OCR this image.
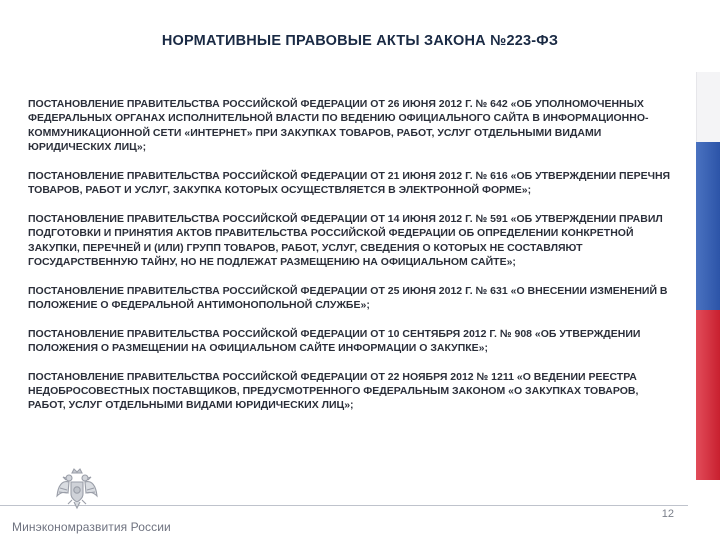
НОРМАТИВНЫЕ ПРАВОВЫЕ АКТЫ ЗАКОНА №223-ФЗ
ПОСТАНОВЛЕНИЕ ПРАВИТЕЛЬСТВА РОССИЙСКОЙ ФЕДЕРАЦИИ ОТ 26 ИЮНЯ 2012 Г. № 642 «ОБ УПОЛНОМОЧЕННЫХ ФЕДЕРАЛЬНЫХ ОРГАНАХ ИСПОЛНИТЕЛЬНОЙ ВЛАСТИ ПО ВЕДЕНИЮ ОФИЦИАЛЬНОГО САЙТА В ИНФОРМАЦИОННО-КОММУНИКАЦИОННОЙ СЕТИ «ИНТЕРНЕТ» ПРИ ЗАКУПКАХ ТОВАРОВ, РАБОТ, УСЛУГ ОТДЕЛЬНЫМИ ВИДАМИ ЮРИДИЧЕСКИХ ЛИЦ»;
ПОСТАНОВЛЕНИЕ ПРАВИТЕЛЬСТВА РОССИЙСКОЙ ФЕДЕРАЦИИ ОТ 21 ИЮНЯ 2012 Г. № 616 «ОБ УТВЕРЖДЕНИИ ПЕРЕЧНЯ ТОВАРОВ, РАБОТ И УСЛУГ, ЗАКУПКА КОТОРЫХ ОСУЩЕСТВЛЯЕТСЯ В ЭЛЕКТРОННОЙ ФОРМЕ»;
ПОСТАНОВЛЕНИЕ ПРАВИТЕЛЬСТВА РОССИЙСКОЙ ФЕДЕРАЦИИ ОТ 14 ИЮНЯ 2012 Г. № 591 «ОБ УТВЕРЖДЕНИИ ПРАВИЛ ПОДГОТОВКИ И ПРИНЯТИЯ АКТОВ ПРАВИТЕЛЬСТВА РОССИЙСКОЙ ФЕДЕРАЦИИ ОБ ОПРЕДЕЛЕНИИ КОНКРЕТНОЙ ЗАКУПКИ, ПЕРЕЧНЕЙ И (ИЛИ) ГРУПП ТОВАРОВ, РАБОТ, УСЛУГ, СВЕДЕНИЯ О КОТОРЫХ НЕ СОСТАВЛЯЮТ ГОСУДАРСТВЕННУЮ ТАЙНУ, НО НЕ ПОДЛЕЖАТ РАЗМЕЩЕНИЮ НА ОФИЦИАЛЬНОМ САЙТЕ»;
ПОСТАНОВЛЕНИЕ ПРАВИТЕЛЬСТВА РОССИЙСКОЙ ФЕДЕРАЦИИ ОТ 25 ИЮНЯ 2012 Г. № 631 «О ВНЕСЕНИИ ИЗМЕНЕНИЙ В ПОЛОЖЕНИЕ О ФЕДЕРАЛЬНОЙ АНТИМОНОПОЛЬНОЙ СЛУЖБЕ»;
ПОСТАНОВЛЕНИЕ ПРАВИТЕЛЬСТВА РОССИЙСКОЙ ФЕДЕРАЦИИ ОТ 10 СЕНТЯБРЯ 2012 Г. № 908 «ОБ УТВЕРЖДЕНИИ ПОЛОЖЕНИЯ О РАЗМЕЩЕНИИ НА ОФИЦИАЛЬНОМ САЙТЕ ИНФОРМАЦИИ О ЗАКУПКЕ»;
ПОСТАНОВЛЕНИЕ ПРАВИТЕЛЬСТВА РОССИЙСКОЙ ФЕДЕРАЦИИ ОТ 22 НОЯБРЯ 2012 № 1211 «О ВЕДЕНИИ РЕЕСТРА НЕДОБРОСОВЕСТНЫХ ПОСТАВЩИКОВ, ПРЕДУСМОТРЕННОГО ФЕДЕРАЛЬНЫМ ЗАКОНОМ «О ЗАКУПКАХ ТОВАРОВ, РАБОТ, УСЛУГ ОТДЕЛЬНЫМИ ВИДАМИ ЮРИДИЧЕСКИХ ЛИЦ»;
12
Минэкономразвития России
